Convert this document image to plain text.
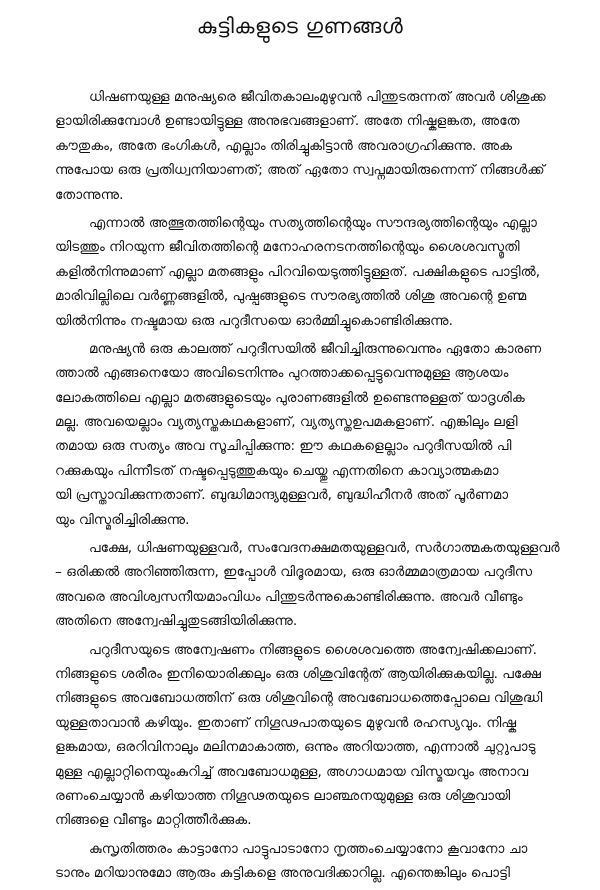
കുട്ടികളുടെ ഗുണങ്ങൾ
ധിഷണയുള്ള മനുഷ്യരെ ജീവിതകാലംമുഴുവൻ പിന്തുടരുന്നത് അവർ ശിശുക്ക
ളായിരിക്കുമ്പോൾ ഉണ്ടായിട്ടുള്ള അനുഭവങ്ങളാണ്. അതേ നിഷ്കളങ്കത, അതേ
കൗതുകം, അതേ ഭംഗികൾ, എല്ലാം തിരിച്ചുകിട്ടാൻ അവരാഗ്രഹിക്കുന്നു. അക
ന്നുപോയ ഒരു പ്രതിധ്വനിയാണത്; അത് ഏതോ സ്വപ്നമായിരുന്നെന്ന് നിങ്ങൾക്ക്
തോന്നുന്നു.
എന്നാൽ അത്ഭുതത്തിന്റെയും സത്യത്തിന്റെയും സൗന്ദര്യത്തിന്റെയും എല്ലാ
യിടത്തും നിറയുന്ന ജീവിതത്തിന്റെ മനോഹരനടനത്തിന്റെയും ശൈശവസ്മൃതി
കളിൽനിന്നുമാണ് എല്ലാ മതങ്ങളും പിറവിയെടുത്തിട്ടുള്ളത്. പക്ഷികളുടെ പാട്ടിൽ,
മാരിവില്ലിലെ വർണ്ണങ്ങളിൽ, പുഷ്പങ്ങളുടെ സൗരഭ്യത്തിൽ ശിശു അവന്റെ ഉണ്മ
യിൽനിന്നും നഷ്ടമായ ഒരു പറുദീസയെ ഓർമ്മിച്ചുകൊണ്ടിരിക്കുന്നു.
മനുഷ്യൻ ഒരു കാലത്ത് പറുദീസയിൽ ജീവിച്ചിരുന്നുവെന്നും ഏതോ കാരണ
ത്താൽ എങ്ങനെയോ അവിടെനിന്നും പുറത്താക്കപ്പെട്ടുവെന്നുമുള്ള ആശയം
ലോകത്തിലെ എല്ലാ മതങ്ങളുടെയും പുരാണങ്ങളിൽ ഉണ്ടെന്നുള്ളത് യാദൃശിക
മല്ല. അവയെല്ലാം വ്യത്യസ്തകഥകളാണ്, വ്യത്യസ്തഉപമകളാണ്. എങ്കിലും ലളി
തമായ ഒരു സത്യം അവ സൂചിപ്പിക്കുന്നു: ഈ കഥകളെല്ലാം പറുദീസയിൽ പി
റക്കുകയും പിന്നീടത് നഷ്ടപ്പെടുത്തുകയും ചെയ്തു എന്നതിനെ കാവ്യാത്മകമാ
യി പ്രസ്താവിക്കുന്നതാണ്. ബുദ്ധിമാന്ദ്യമുള്ളവർ, ബുദ്ധിഹീനർ അത് പൂർണമാ
യും വിസ്മരിച്ചിരിക്കുന്നു.
പക്ഷേ, ധിഷണയുള്ളവർ, സംവേദനക്ഷമതയുള്ളവർ, സർഗാത്മകതയുള്ളവർ
– ഒരിക്കൽ അറിഞ്ഞിരുന്ന, ഇപ്പോൾ വിദൂരമായ, ഒരു ഓർമ്മമാത്രമായ പറുദീസ
അവരെ അവിശ്വസനീയമാംവിധം പിന്തുടർന്നുകൊണ്ടിരിക്കുന്നു. അവർ വീണ്ടും
അതിനെ അന്വേഷിച്ചുതുടങ്ങിയിരിക്കുന്നു.
പറുദീസയുടെ അന്വേഷണം നിങ്ങളുടെ ശൈശവത്തെ അന്വേഷിക്കലാണ്.
നിങ്ങളുടെ ശരീരം ഇനിയൊരിക്കലും ഒരു ശിശുവിന്റേത് ആയിരിക്കുകയില്ല. പക്ഷേ
നിങ്ങളുടെ അവബോധത്തിന് ഒരു ശിശുവിന്റെ അവബോധത്തെപ്പോലെ വിശുദ്ധി
യുള്ളതാവാൻ കഴിയും. ഇതാണ് നിഗൂഢപാതയുടെ മുഴുവൻ രഹസ്യവും. നിഷ്ക
ളങ്കമായ, ഒരറിവിനാലും മലിനമാകാത്ത, ഒന്നും അറിയാത്ത, എന്നാൽ ചുറ്റുപാടു
മുള്ള എല്ലാറ്റിനെയുംകുറിച്ച് അവബോധമുള്ള, അഗാധമായ വിസ്മയവും അനാവ
രണംചെയ്യാൻ കഴിയാത്ത നിഗൂഢതയുടെ ലാഞ്ഛനയുമുള്ള ഒരു ശിശുവായി
നിങ്ങളെ വീണ്ടും മാറ്റിത്തീർക്കുക.
കുസൃതിത്തരം കാട്ടാനോ പാട്ടുപാടാനോ നൃത്തംചെയ്യാനോ കൂവാനോ ചാ
ടാനും മറിയാനുമോ ആരും കുട്ടികളെ അനുവദിക്കാറില്ല. എന്തെങ്കിലും പൊട്ടി
